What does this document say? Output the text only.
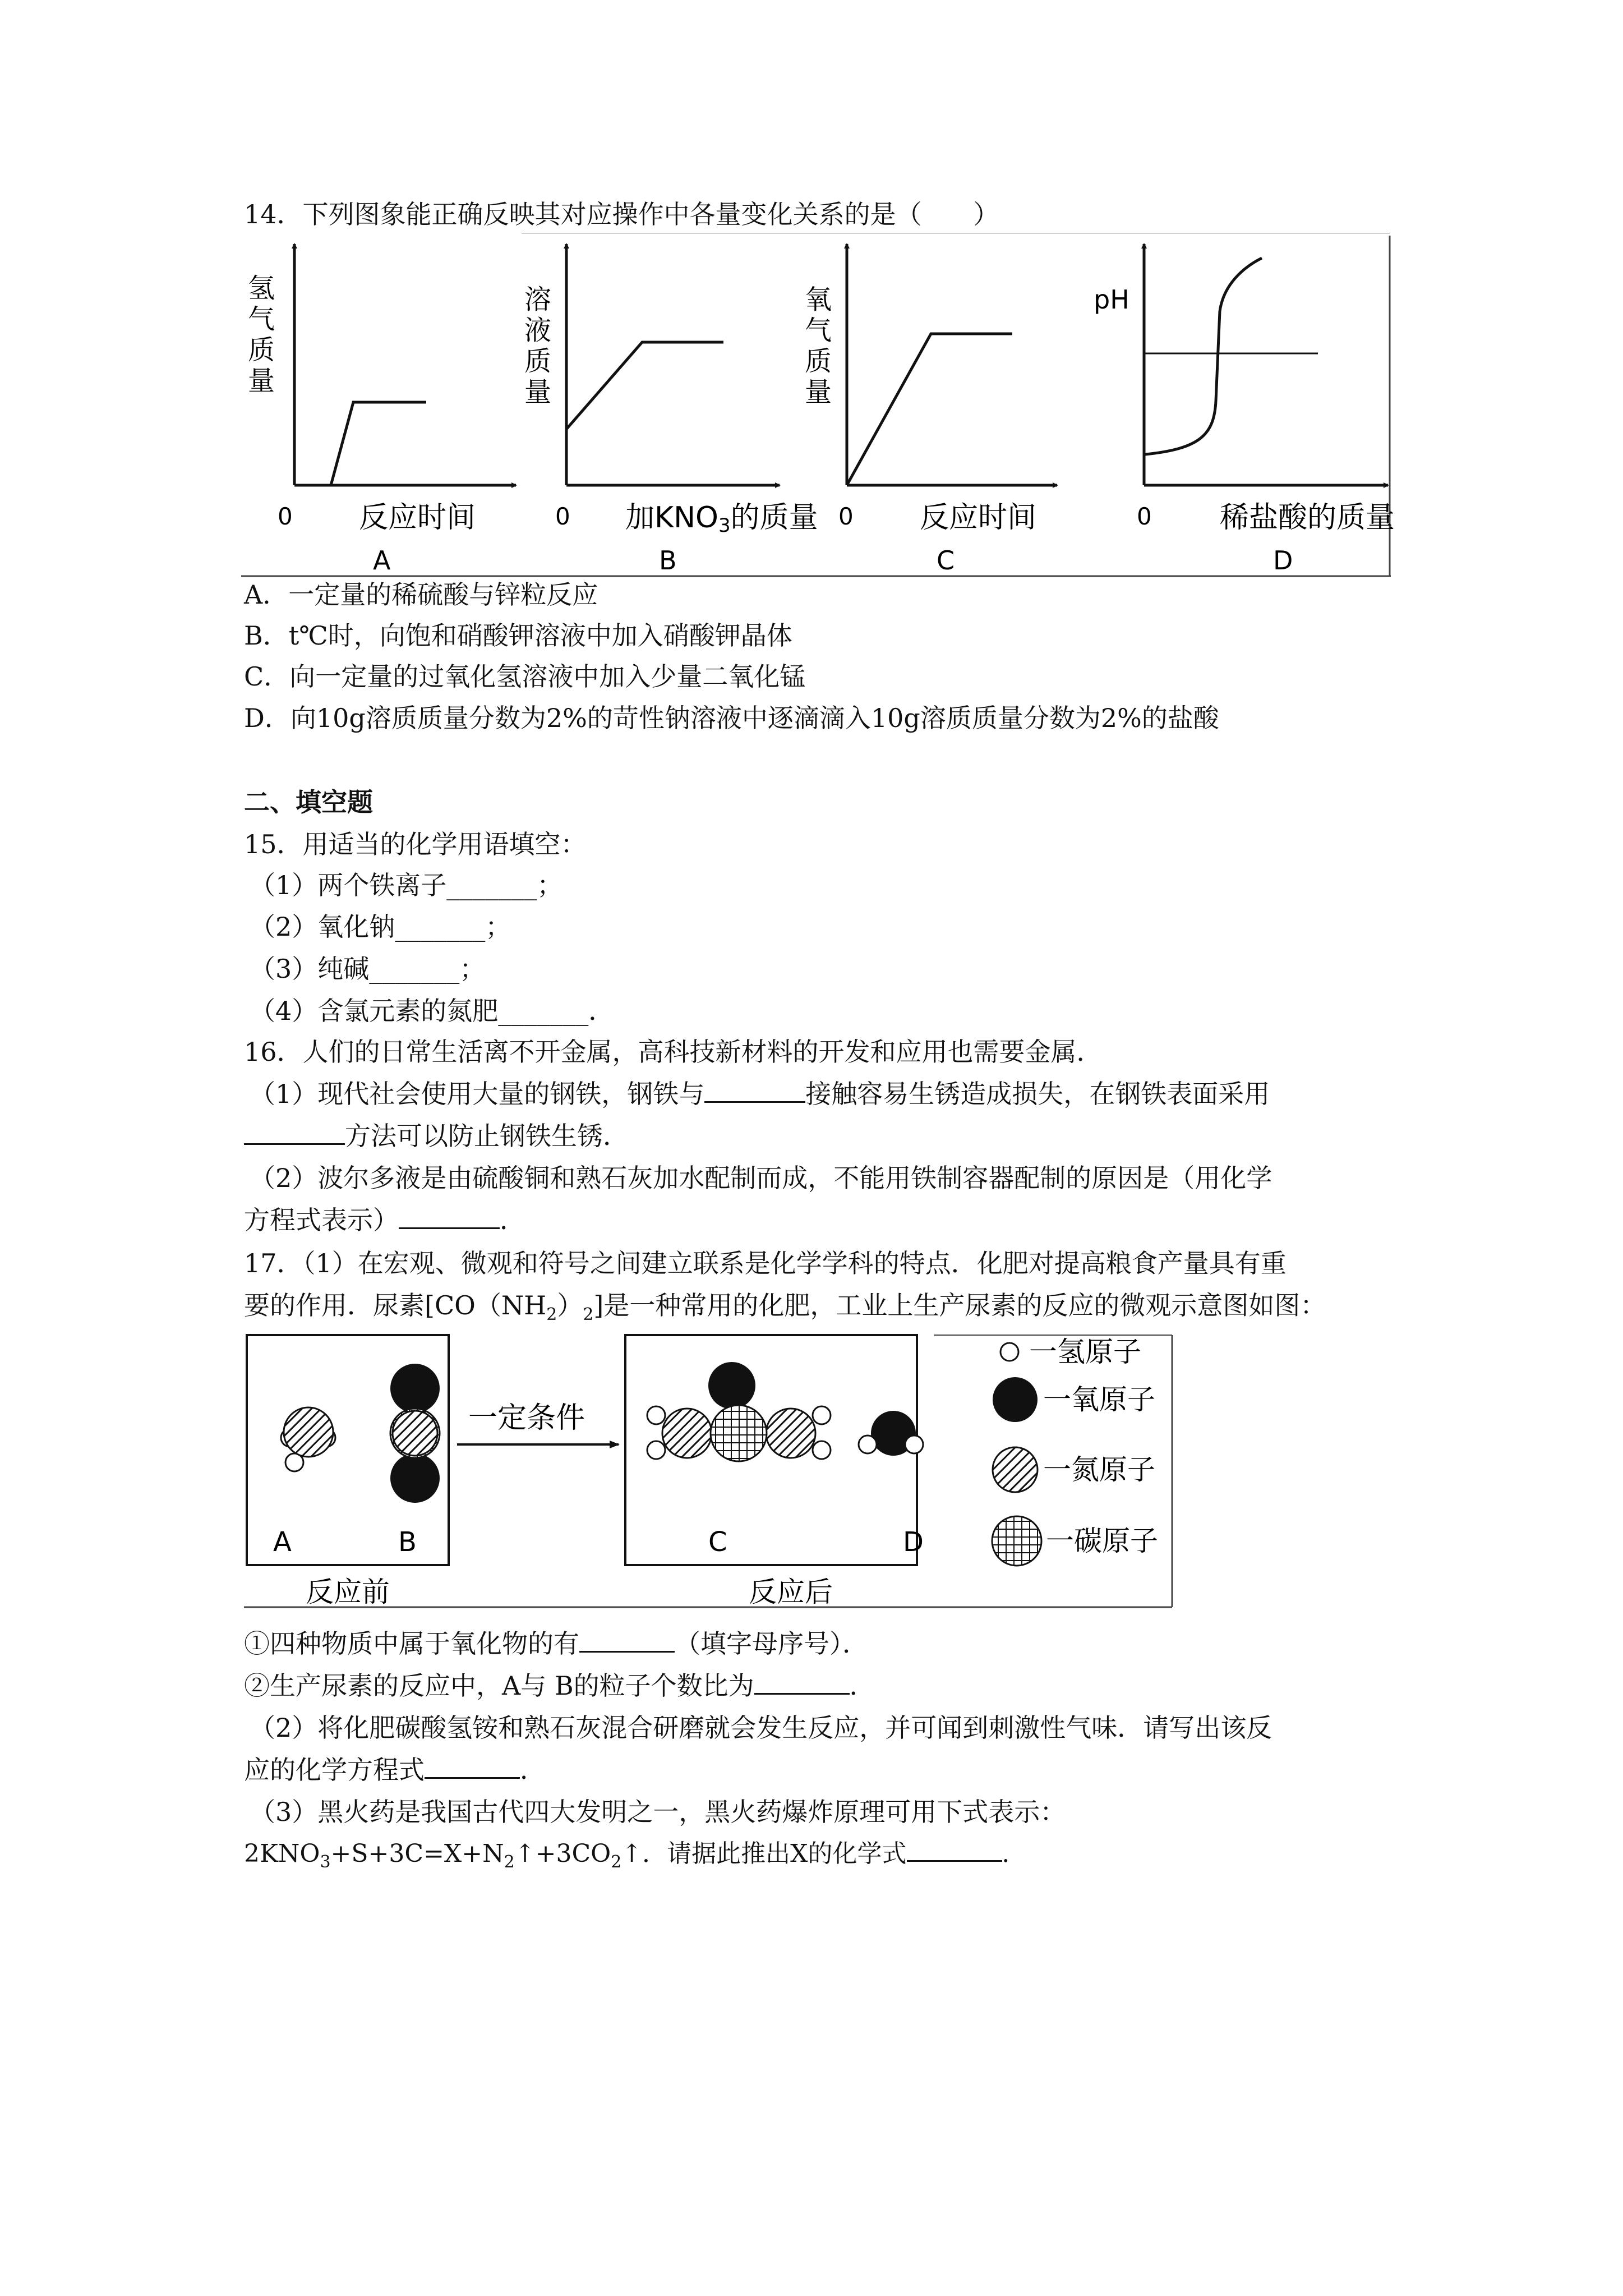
14．下列图象能正确反映其对应操作中各量变化关系的是（　　）
氢
气
质
量
0 反应时间
A
溶
液
质
量
0 加KNO3的质量
B
氧
气
质
量
0 反应时间
C
pH
0 稀盐酸的质量
D
A．一定量的稀硫酸与锌粒反应
B．t℃时，向饱和硝酸钾溶液中加入硝酸钾晶体
C．向一定量的过氧化氢溶液中加入少量二氧化锰
D．向10g溶质质量分数为2%的苛性钠溶液中逐滴滴入10g溶质质量分数为2%的盐酸
二、填空题
15．用适当的化学用语填空：
（1）两个铁离子_______；
（2）氧化钠_______；
（3）纯碱_______；
（4）含氯元素的氮肥_______．
16．人们的日常生活离不开金属，高科技新材料的开发和应用也需要金属．
（1）现代社会使用大量的钢铁，钢铁与	接触容易生锈造成损失，在钢铁表面采用
方法可以防止钢铁生锈．
（2）波尔多液是由硫酸铜和熟石灰加水配制而成，不能用铁制容器配制的原因是（用化学
方程式表示）	．
17．（1）在宏观、微观和符号之间建立联系是化学学科的特点．化肥对提高粮食产量具有重
要的作用．尿素$[CO(NH_2)_2]$是一种常用的化肥，工业上生产尿素的反应的微观示意图如图：
一定条件
A	B	C	D
反应前	反应后
一氢原子
一氧原子
一氮原子
一碳原子
①四种物质中属于氧化物的有	（填字母序号）．
②生产尿素的反应中，A与 B的粒子个数比为	．
（2）将化肥碳酸氢铵和熟石灰混合研磨就会发生反应，并可闻到刺激性气味．请写出该反
应的化学方程式	．
（3）黑火药是我国古代四大发明之一，黑火药爆炸原理可用下式表示：
$2KNO_3+S+3C=X+N_2↑+3CO_2↑$．请据此推出X的化学式	．
